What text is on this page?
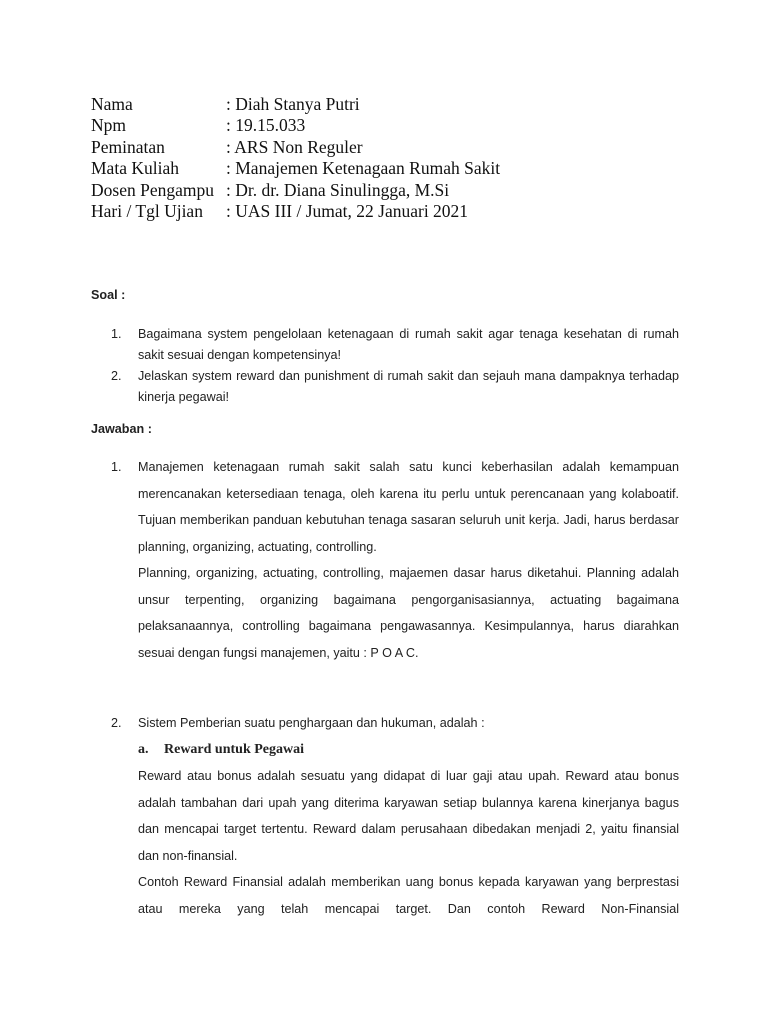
Nama	: Diah Stanya Putri
Npm	: 19.15.033
Peminatan	: ARS Non Reguler
Mata Kuliah	: Manajemen Ketenagaan Rumah Sakit
Dosen Pengampu : Dr. dr. Diana Sinulingga, M.Si
Hari / Tgl Ujian	: UAS III / Jumat, 22 Januari 2021

Soal :

1.	Bagaimana system pengelolaan ketenagaan di rumah sakit agar tenaga kesehatan di rumah sakit sesuai dengan kompetensinya!
2.	Jelaskan system reward dan punishment di rumah sakit dan sejauh mana dampaknya terhadap kinerja pegawai!

Jawaban :

1.	Manajemen ketenagaan rumah sakit salah satu kunci keberhasilan adalah kemampuan merencanakan ketersediaan tenaga, oleh karena itu perlu untuk perencanaan yang kolaboatif. Tujuan memberikan panduan kebutuhan tenaga sasaran seluruh unit kerja. Jadi, harus berdasar planning, organizing, actuating, controlling.

Planning, organizing, actuating, controlling, majaemen dasar harus diketahui. Planning adalah unsur terpenting, organizing bagaimana pengorganisasiannya, actuating bagaimana pelaksanaannya, controlling bagaimana pengawasannya. Kesimpulannya, harus diarahkan sesuai dengan fungsi manajemen, yaitu : P O A C.

2.	Sistem Pemberian suatu penghargaan dan hukuman, adalah :

a.	Reward untuk Pegawai

Reward atau bonus adalah sesuatu yang didapat di luar gaji atau upah. Reward atau bonus adalah tambahan dari upah yang diterima karyawan setiap bulannya karena kinerjanya bagus dan mencapai target tertentu. Reward dalam perusahaan dibedakan menjadi 2, yaitu finansial dan non-finansial.

Contoh Reward Finansial adalah memberikan uang bonus kepada karyawan yang berprestasi atau mereka yang telah mencapai target. Dan contoh Reward Non-Finansial
